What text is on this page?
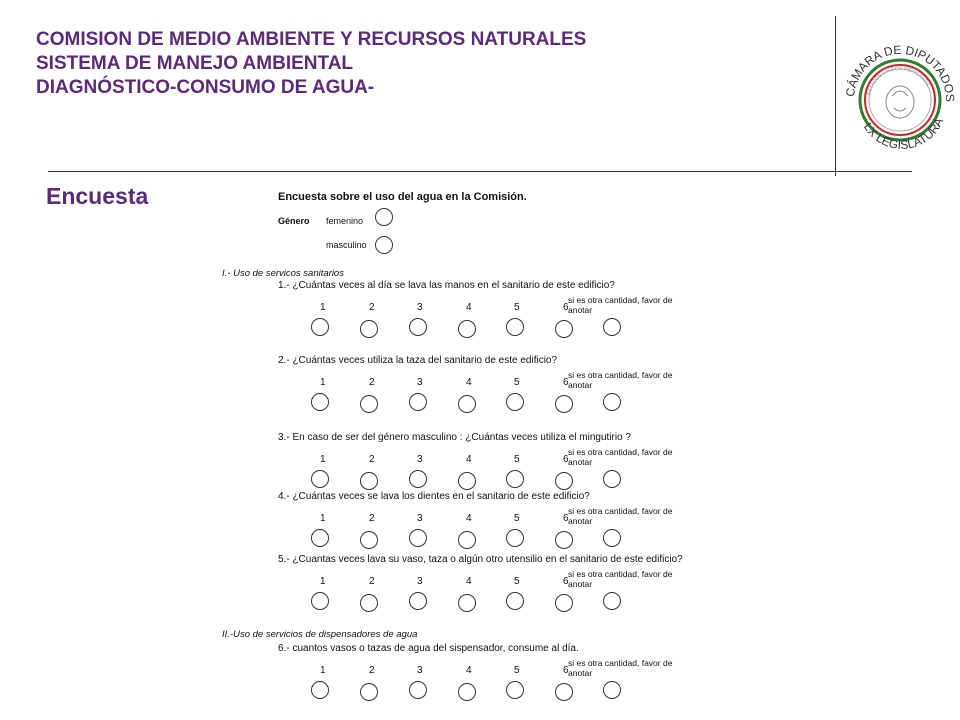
COMISION DE MEDIO AMBIENTE Y RECURSOS NATURALES
SISTEMA DE MANEJO AMBIENTAL
DIAGNÓSTICO-CONSUMO DE AGUA-	CÁMARA DE DIPUTADOS
ESTADOS UNIDOS MEXICANOS
LX LEGISLATURA
Encuesta	Encuesta sobre el uso del agua en la Comisión.
Género femenino
masculino
I.- Uso de servicos sanitarios
II.-Uso de servicios de dispensadores de agua
1.- ¿Cuántas veces al día se lava las manos en el sanitario de este edificio?
1	2	3	4	5	6
si es otra cantidad, favor de anotar
2.- ¿Cuántas veces utiliza la taza del sanitario de este edificio?
1	2	3	4	5	6
si es otra cantidad, favor de anotar
3.- En caso de ser del género masculino : ¿Cuántas veces utiliza el mingutirio ?
1	2	3	4	5	6
si es otra cantidad, favor de anotar
4.- ¿Cuántas veces se lava los dientes en el sanitario de este edificio?
1	2	3	4	5	6
si es otra cantidad, favor de anotar
5.- ¿Cuantas veces lava su vaso, taza o algún otro utensilio en el sanitario de este edificio?
1	2	3	4	5	6
si es otra cantidad, favor de anotar
6.- cuantos vasos o tazas de agua del sispensador, consume al día.
1	2	3	4	5	6
si es otra cantidad, favor de anotar
